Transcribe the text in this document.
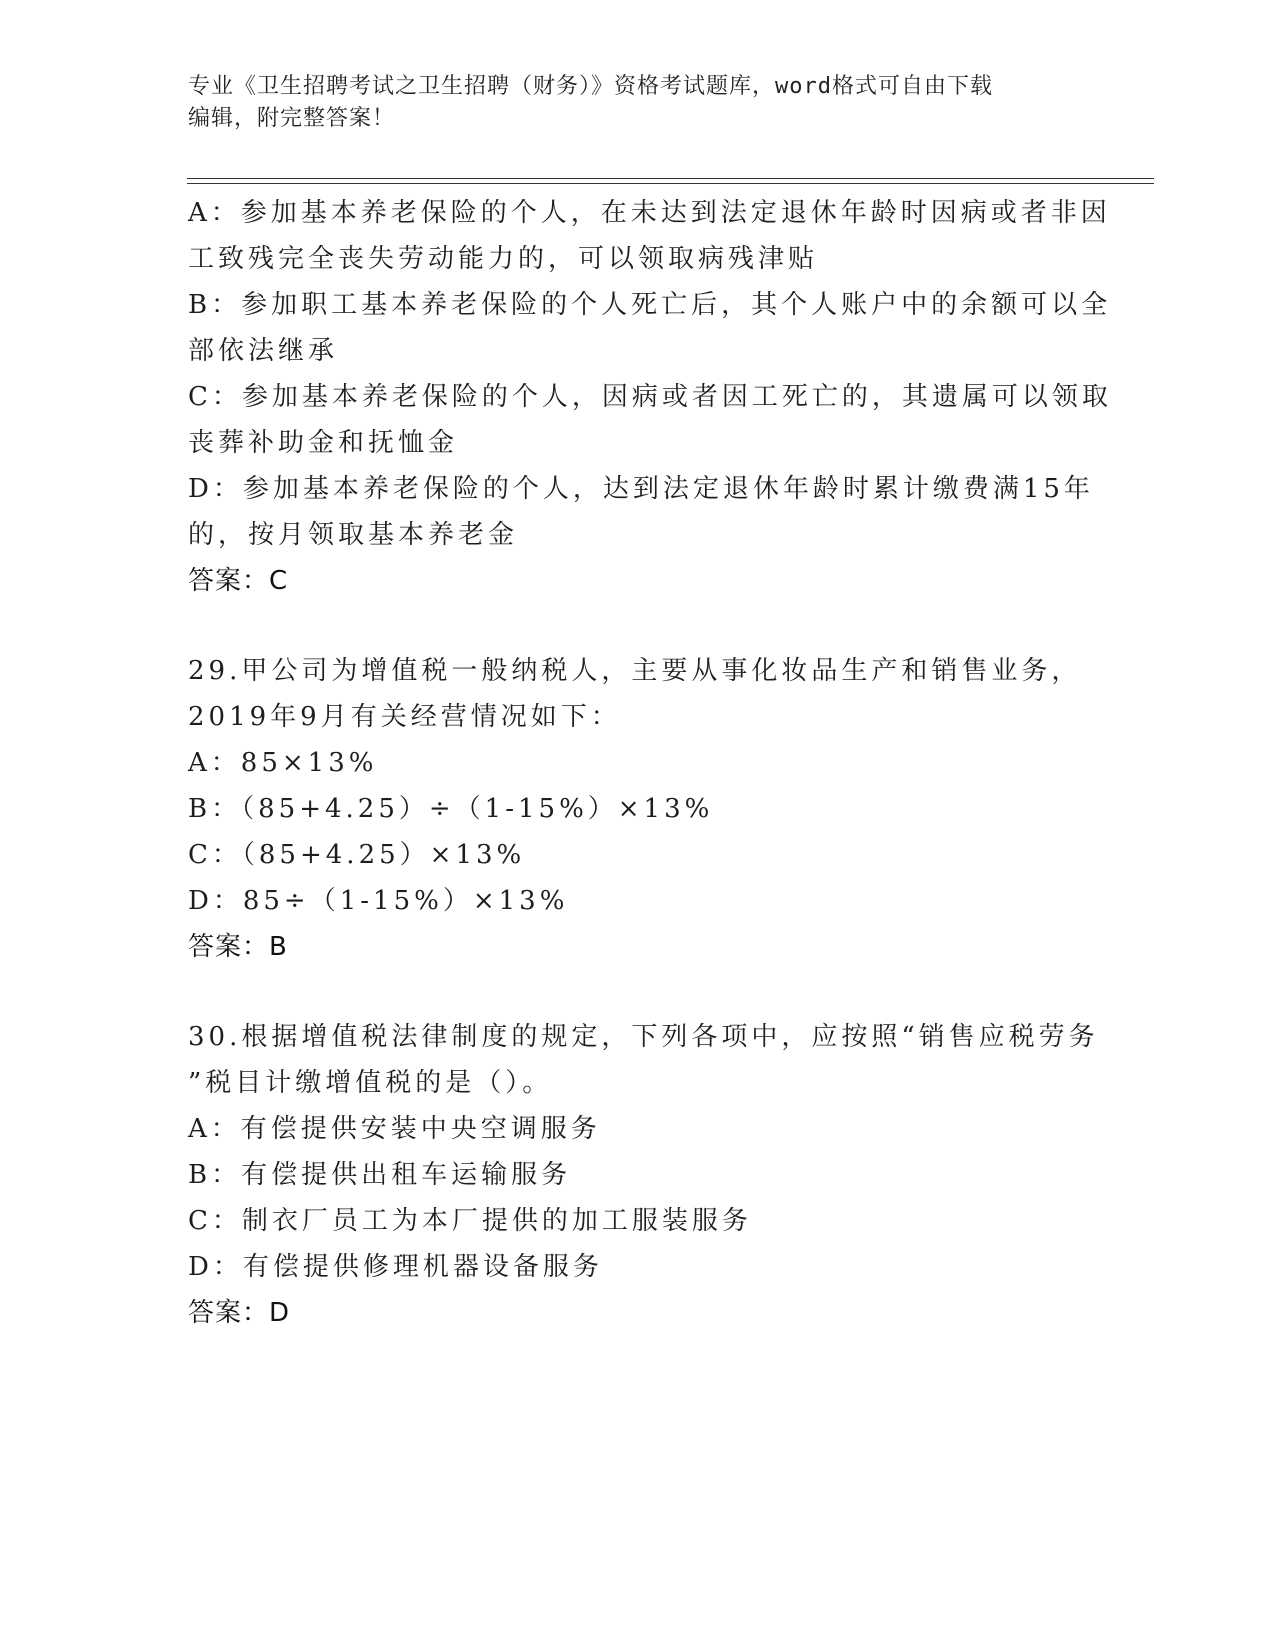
专业《卫生招聘考试之卫生招聘（财务）》资格考试题库，word格式可自由下载
编辑，附完整答案！
A：参加基本养老保险的个人，在未达到法定退休年龄时因病或者非因
工致残完全丧失劳动能力的，可以领取病残津贴
B：参加职工基本养老保险的个人死亡后，其个人账户中的余额可以全
部依法继承
C：参加基本养老保险的个人，因病或者因工死亡的，其遗属可以领取
丧葬补助金和抚恤金
D：参加基本养老保险的个人，达到法定退休年龄时累计缴费满15年
的，按月领取基本养老金
答案：C
29.甲公司为增值税一般纳税人，主要从事化妆品生产和销售业务，
2019年9月有关经营情况如下：
A：85×13%
B：（85+4.25）÷（1-15%）×13%
C：（85+4.25）×13%
D：85÷（1-15%）×13%
答案：B
30.根据增值税法律制度的规定，下列各项中，应按照“销售应税劳务
”税目计缴增值税的是（）。
A：有偿提供安装中央空调服务
B：有偿提供出租车运输服务
C：制衣厂员工为本厂提供的加工服装服务
D：有偿提供修理机器设备服务
答案：D
